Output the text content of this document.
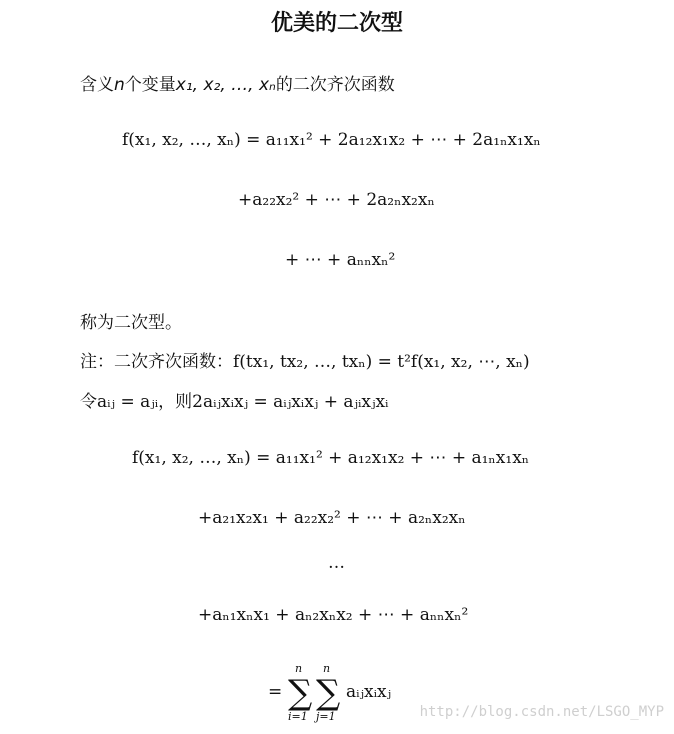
优美的二次型
含义n个变量x₁, x₂, …, xₙ的二次齐次函数
f(x₁, x₂, …, xₙ) = a₁₁x₁² + 2a₁₂x₁x₂ + ⋯ + 2a₁ₙx₁xₙ
+a₂₂x₂² + ⋯ + 2a₂ₙx₂xₙ
+ ⋯ + aₙₙxₙ²
称为二次型。
注：二次齐次函数：f(tx₁, tx₂, …, txₙ) = t²f(x₁, x₂, ⋯, xₙ)
令aᵢⱼ = aⱼᵢ，则2aᵢⱼxᵢxⱼ = aᵢⱼxᵢxⱼ + aⱼᵢxⱼxᵢ
f(x₁, x₂, …, xₙ) = a₁₁x₁² + a₁₂x₁x₂ + ⋯ + a₁ₙx₁xₙ
+a₂₁x₂x₁ + a₂₂x₂² + ⋯ + a₂ₙx₂xₙ
…
+aₙ₁xₙx₁ + aₙ₂xₙx₂ + ⋯ + aₙₙxₙ²
=
n
∑
i=1
n
∑
j=1
aᵢⱼxᵢxⱼ
http://blog.csdn.net/LSGO_MYP
